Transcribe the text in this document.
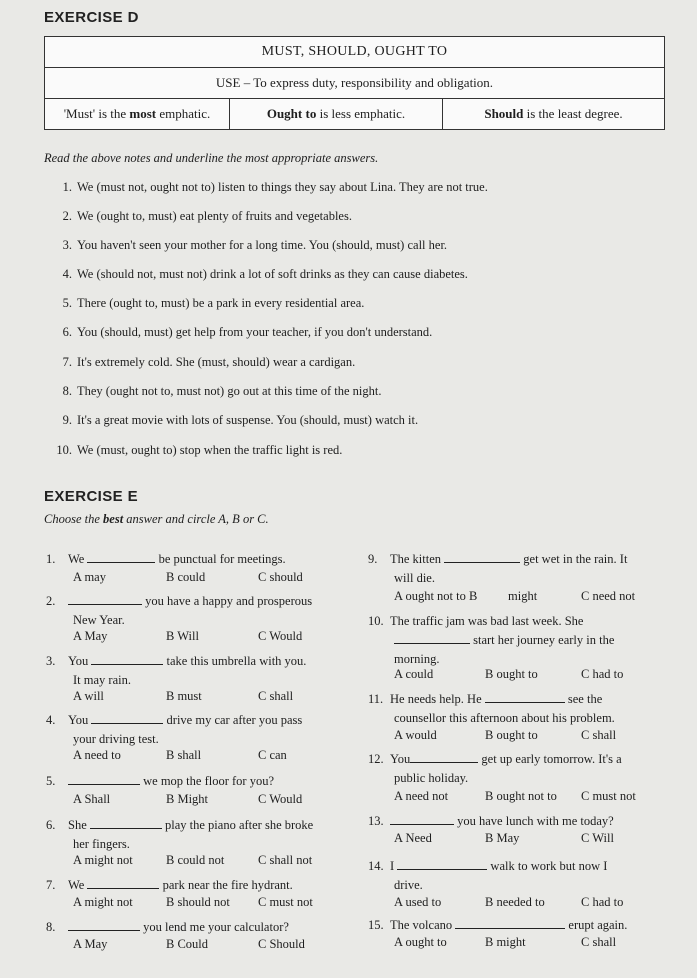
EXERCISE D
MUST, SHOULD, OUGHT TO
USE – To express duty, responsibility and obligation.
'Must' is the most emphatic.	Ought to is less emphatic.	Should is the least degree.
Read the above notes and underline the most appropriate answers.
1. We (must not, ought not to) listen to things they say about Lina. They are not true.
2. We (ought to, must) eat plenty of fruits and vegetables.
3. You haven't seen your mother for a long time. You (should, must) call her.
4. We (should not, must not) drink a lot of soft drinks as they can cause diabetes.
5. There (ought to, must) be a park in every residential area.
6. You (should, must) get help from your teacher, if you don't understand.
7. It's extremely cold. She (must, should) wear a cardigan.
8. They (ought not to, must not) go out at this time of the night.
9. It's a great movie with lots of suspense. You (should, must) watch it.
10. We (must, ought to) stop when the traffic light is red.
EXERCISE E
Choose the best answer and circle A, B or C.
1. We	be punctual for meetings.
A may	B could	C should
2.	you have a happy and prosperous
New Year.
A May	B Will	C Would
3. You	take this umbrella with you.
It may rain.
A will	B must	C shall
4. You	drive my car after you pass
your driving test.
A need to	B shall	C can
5.	we mop the floor for you?
A Shall	B Might	C Would
6. She	play the piano after she broke
her fingers.
A might not	B could not	C shall not
7. We	park near the fire hydrant.
A might not	B should not C must not
8.	you lend me your calculator?
A May	B Could	C Should
9. The kitten	get wet in the rain. It
will die.
A ought not to B might	C need not
10. The traffic jam was bad last week. She
start her journey early in the
morning.
A could	B ought to	C had to
11. He needs help. He	see the
counsellor this afternoon about his problem.
A would	B ought to	C shall
12. You	get up early tomorrow. It's a
public holiday.
A need not	B ought not to C must not
13.	you have lunch with me today?
A Need	B May	C Will
14. I	walk to work but now I
drive.
A used to	B needed to	C had to
15. The volcano	erupt again.
A ought to	B might	C shall
